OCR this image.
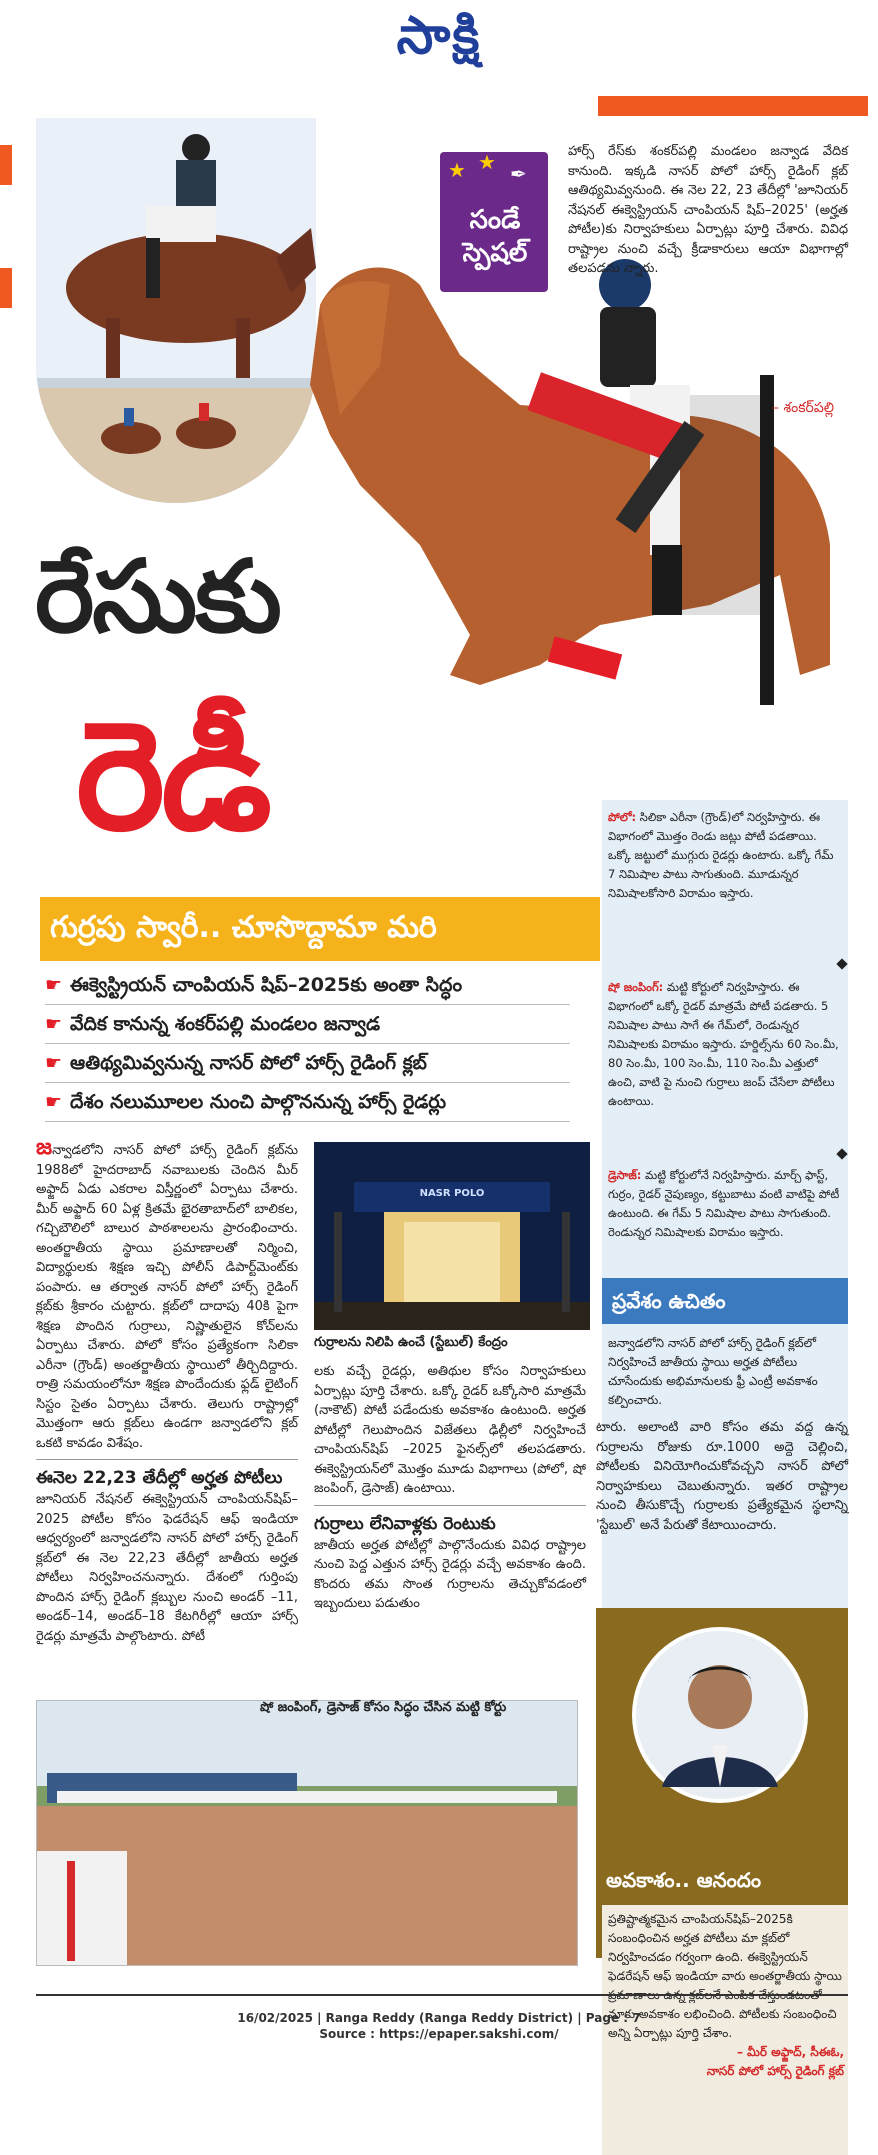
సాక్షి
★ ★ ✒
సండే
స్పెషల్
హార్స్ రేస్‌కు శంకర్‌పల్లి మండలం జన్వాడ వేదిక కానుంది. ఇక్కడి నాసర్ పోలో హార్స్ రైడింగ్ క్లబ్ ఆతిథ్యమివ్వనుంది. ఈ నెల 22, 23 తేదీల్లో 'జూనియర్ నేషనల్ ఈక్వెస్ట్రియన్ చాంపియన్ షిప్–2025' (అర్హత పోటీల)కు నిర్వాహకులు ఏర్పాట్లు పూర్తి చేశారు. వివిధ రాష్ట్రాల నుంచి వచ్చే క్రీడాకారులు ఆయా విభాగాల్లో తలపడను న్నారు.
– శంకర్‌పల్లి
రేసుకు
రెడీ
గుర్రపు స్వారీ.. చూసొద్దామా మరి
☛ ఈక్వెస్ట్రియన్ చాంపియన్ షిప్–2025కు అంతా సిద్ధం
☛ వేదిక కానున్న శంకర్‌పల్లి మండలం జన్వాడ
☛ ఆతిథ్యమివ్వనున్న నాసర్ పోలో హార్స్ రైడింగ్ క్లబ్
☛ దేశం నలుమూలల నుంచి పాల్గొననున్న హార్స్ రైడర్లు
పోలో: సిలికా ఎరీనా (గ్రౌండ్)లో నిర్వహిస్తారు. ఈ విభాగంలో మొత్తం రెండు జట్లు పోటీ పడతాయి. ఒక్కో జట్టులో ముగ్గురు రైడర్లు ఉంటారు. ఒక్కో గేమ్ 7 నిమిషాల పాటు సాగుతుంది. మూడున్నర నిమిషాలకోసారి విరామం ఇస్తారు.
షో జంపింగ్: మట్టి కోర్టులో నిర్వహిస్తారు. ఈ విభాగంలో ఒక్కో రైడర్ మాత్రమే పోటీ పడతారు. 5 నిమిషాల పాటు సాగే ఈ గేమ్‌లో, రెండున్నర నిమిషాలకు విరామం ఇస్తారు. హర్డిల్స్‌ను 60 సెం.మీ, 80 సెం.మీ, 100 సెం.మీ, 110 సెం.మీ ఎత్తులో ఉంచి, వాటి పై నుంచి గుర్రాలు జంప్ చేసేలా పోటీలు ఉంటాయి.
డ్రెసాజ్: మట్టి కోర్టులోనే నిర్వహిస్తారు. మార్చ్ ఫాస్ట్, గుర్రం, రైడర్ నైపుణ్యం, కట్టుబాటు వంటి వాటిపై పోటీ ఉంటుంది. ఈ గేమ్ 5 నిమిషాల పాటు సాగుతుంది. రెండున్నర నిమిషాలకు విరామం ఇస్తారు.
ప్రవేశం ఉచితం
జన్వాడలోని నాసర్ పోలో హార్స్ రైడింగ్ క్లబ్‌లో నిర్వహించే జాతీయ స్థాయి అర్హత పోటీలు చూసేందుకు అభిమానులకు ఫ్రీ ఎంట్రీ అవకాశం కల్పించారు.
జన్వాడలోని నాసర్ పోలో హార్స్ రైడింగ్ క్లబ్‌ను 1988లో హైదరాబాద్ నవాబులకు చెందిన మీర్ అఫ్జాద్ ఏడు ఎకరాల విస్తీర్ణంలో ఏర్పాటు చేశారు. మీర్ అఫ్జాద్ 60 ఏళ్ల క్రితమే భైరతాబాద్‌లో బాలికల, గచ్చిబౌలిలో బాలుర పాఠశాలలను ప్రారంభించారు. అంతర్జాతీయ స్థాయి ప్రమాణాలతో నిర్మించి, విద్యార్థులకు శిక్షణ ఇచ్చి పోలీస్ డిపార్ట్‌మెంట్‌కు పంపారు. ఆ తర్వాత నాసర్ పోలో హార్స్ రైడింగ్ క్లబ్‌కు శ్రీకారం చుట్టారు. క్లబ్‌లో దాదాపు 40కి పైగా శిక్షణ పొందిన గుర్రాలు, నిష్ణాతులైన కోచ్‌లను ఏర్పాటు చేశారు. పోలో కోసం ప్రత్యేకంగా సిలికా ఎరీనా (గ్రౌండ్) అంతర్జాతీయ స్థాయిలో తీర్చిదిద్దారు. రాత్రి సమయంలోనూ శిక్షణ పొందేందుకు ఫ్లడ్ లైటింగ్ సిస్టం సైతం ఏర్పాటు చేశారు. తెలుగు రాష్ట్రాల్లో మొత్తంగా ఆరు క్లబ్‌లు ఉండగా జన్వాడలోని క్లబ్ ఒకటి కావడం విశేషం.
ఈనెల 22,23 తేదీల్లో అర్హత పోటీలు
జూనియర్ నేషనల్ ఈక్వెస్ట్రియన్ చాంపియన్‌షిప్–2025 పోటీల కోసం ఫెడరేషన్ ఆఫ్ ఇండియా ఆధ్వర్యంలో జన్వాడలోని నాసర్ పోలో హార్స్ రైడింగ్ క్లబ్‌లో ఈ నెల 22,23 తేదీల్లో జాతీయ అర్హత పోటీలు నిర్వహించనున్నారు. దేశంలో గుర్తింపు పొందిన హార్స్ రైడింగ్ క్లబ్బుల నుంచి అండర్ –11, అండర్–14, అండర్–18 కేటగిరీల్లో ఆయా హార్స్ రైడర్లు మాత్రమే పాల్గొంటారు. పోటీ
NASR POLO
గుర్రాలను నిలిపి ఉంచే (స్టేబుల్) కేంద్రం
లకు వచ్చే రైడర్లు, అతిథుల కోసం నిర్వాహకులు ఏర్పాట్లు పూర్తి చేశారు. ఒక్కో రైడర్ ఒక్కోసారి మాత్రమే (నాకౌట్) పోటీ పడేందుకు అవకాశం ఉంటుంది. అర్హత పోటీల్లో గెలుపొందిన విజేతలు ఢిల్లీలో నిర్వహించే చాంపియన్‌షిప్ –2025 ఫైనల్స్‌లో తలపడతారు. ఈక్వెస్ట్రియన్‌లో మొత్తం మూడు విభాగాలు (పోలో, షో జంపింగ్, డ్రెసాజ్) ఉంటాయి.
గుర్రాలు లేనివాళ్లకు రెంటుకు
జాతీయ అర్హత పోటీల్లో పాల్గొనేందుకు వివిధ రాష్ట్రాల నుంచి పెద్ద ఎత్తున హార్స్ రైడర్లు వచ్చే అవకాశం ఉంది. కొందరు తమ సొంత గుర్రాలను తెచ్చుకోవడంలో ఇబ్బందులు పడుతుం
టారు. అలాంటి వారి కోసం తమ వద్ద ఉన్న గుర్రాలను రోజుకు రూ.1000 అద్దె చెల్లించి, పోటీలకు వినియోగించుకోవచ్చని నాసర్ పోలో నిర్వాహకులు చెబుతున్నారు. ఇతర రాష్ట్రాల నుంచి తీసుకొచ్చే గుర్రాలకు ప్రత్యేకమైన స్థలాన్ని 'స్టేబుల్' అనే పేరుతో కేటాయించారు.
షో జంపింగ్, డ్రెసాజ్ కోసం సిద్ధం చేసిన మట్టి కోర్టు
అవకాశం.. ఆనందం
ప్రతిష్టాత్మకమైన చాంపియన్‌షిప్–2025కి సంబంధించిన అర్హత పోటీలు మా క్లబ్‌లో నిర్వహించడం గర్వంగా ఉంది. ఈక్వెస్ట్రియన్ ఫెడరేషన్ ఆఫ్ ఇండియా వారు అంతర్జాతీయ స్థాయి మాకు అవకాశం లభించింది. పోటీలకు సంబంధించి అన్ని ఏర్పాట్లు పూర్తి చేశాం.
– మీర్ అఫ్జాద్, సీఈఓ,
నాసర్ పోలో హార్స్ రైడింగ్ క్లబ్
16/02/2025 | Ranga Reddy (Ranga Reddy District) | Page : 7
Source : https://epaper.sakshi.com/
